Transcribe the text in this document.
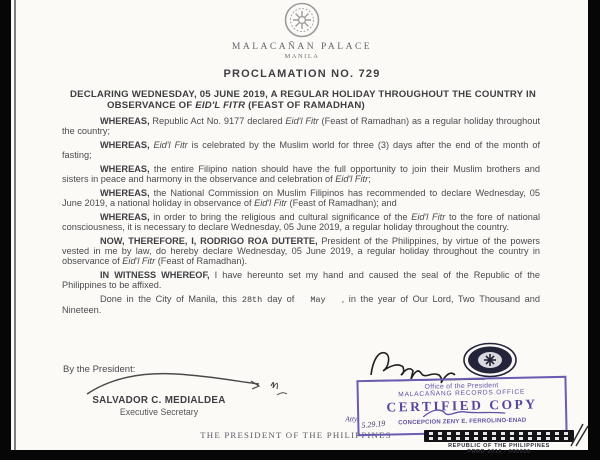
MALACAÑAN PALACE
MANILA
PROCLAMATION NO. 729
DECLARING WEDNESDAY, 05 JUNE 2019, A REGULAR HOLIDAY THROUGHOUT THE COUNTRY IN OBSERVANCE OF EID'L FITR (FEAST OF RAMADHAN)

WHEREAS, Republic Act No. 9177 declared Eid'l Fitr (Feast of Ramadhan) as a regular holiday throughout the country;

WHEREAS, Eid'l Fitr is celebrated by the Muslim world for three (3) days after the end of the month of fasting;

WHEREAS, the entire Filipino nation should have the full opportunity to join their Muslim brothers and sisters in peace and harmony in the observance and celebration of Eid'l Fitr;

WHEREAS, the National Commission on Muslim Filipinos has recommended to declare Wednesday, 05 June 2019, a national holiday in observance of Eid'l Fitr (Feast of Ramadhan); and

WHEREAS, in order to bring the religious and cultural significance of the Eid'l Fitr to the fore of national consciousness, it is necessary to declare Wednesday, 05 June 2019, a regular holiday throughout the country.

NOW, THEREFORE, I, RODRIGO ROA DUTERTE, President of the Philippines, by virtue of the powers vested in me by law, do hereby declare Wednesday, 05 June 2019, a regular holiday throughout the country in observance of Eid'l Fitr (Feast of Ramadhan).

IN WITNESS WHEREOF, I have hereunto set my hand and caused the seal of the Republic of the Philippines to be affixed.

Done in the City of Manila, this 28th day of May , in the year of Our Lord, Two Thousand and Nineteen.

By the President:
SALVADOR C. MEDIALDEA
Executive Secretary
THE PRESIDENT OF THE PHILIPPINES
Office of the President
MALACAÑANG RECORDS OFFICE
CERTIFIED COPY
CONCEPCION ZENY E. FERROLINO-ENAD
Atty. 5.29.19
REPUBLIC OF THE PHILIPPINES
PRRD 2016 - 050026
